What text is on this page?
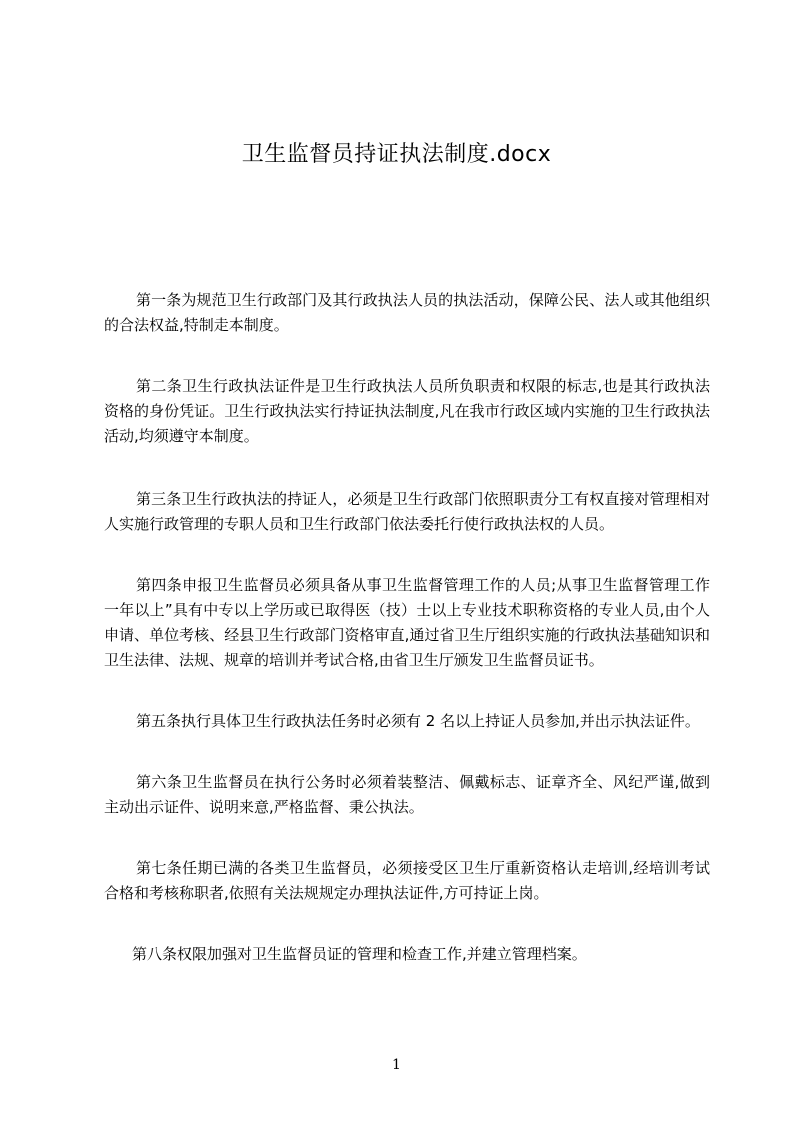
卫生监督员持证执法制度.docx

第一条为规范卫生行政部门及其行政执法人员的执法活动，保障公民、法人或其他组织的合法权益,特制走本制度。

第二条卫生行政执法证件是卫生行政执法人员所负职责和权限的标志,也是其行政执法资格的身份凭证。卫生行政执法实行持证执法制度,凡在我市行政区域内实施的卫生行政执法活动,均须遵守本制度。

第三条卫生行政执法的持证人，必须是卫生行政部门依照职责分工有权直接对管理相对人实施行政管理的专职人员和卫生行政部门依法委托行使行政执法权的人员。

第四条申报卫生监督员必须具备从事卫生监督管理工作的人员;从事卫生监督管理工作一年以上”具有中专以上学历或已取得医（技）士以上专业技术职称资格的专业人员,由个人申请、单位考核、经县卫生行政部门资格审直,通过省卫生厅组织实施的行政执法基础知识和卫生法律、法规、规章的培训并考试合格,由省卫生厅颁发卫生监督员证书。

第五条执行具体卫生行政执法任务时必须有 2 名以上持证人员参加,并出示执法证件。

第六条卫生监督员在执行公务时必须着装整洁、佩戴标志、证章齐全、风纪严谨,做到主动出示证件、说明来意,严格监督、秉公执法。

第七条任期已满的各类卫生监督员，必须接受区卫生厅重新资格认走培训,经培训考试合格和考核称职者,依照有关法规规定办理执法证件,方可持证上岗。

第八条权限加强对卫生监督员证的管理和检查工作,并建立管理档案。

1
